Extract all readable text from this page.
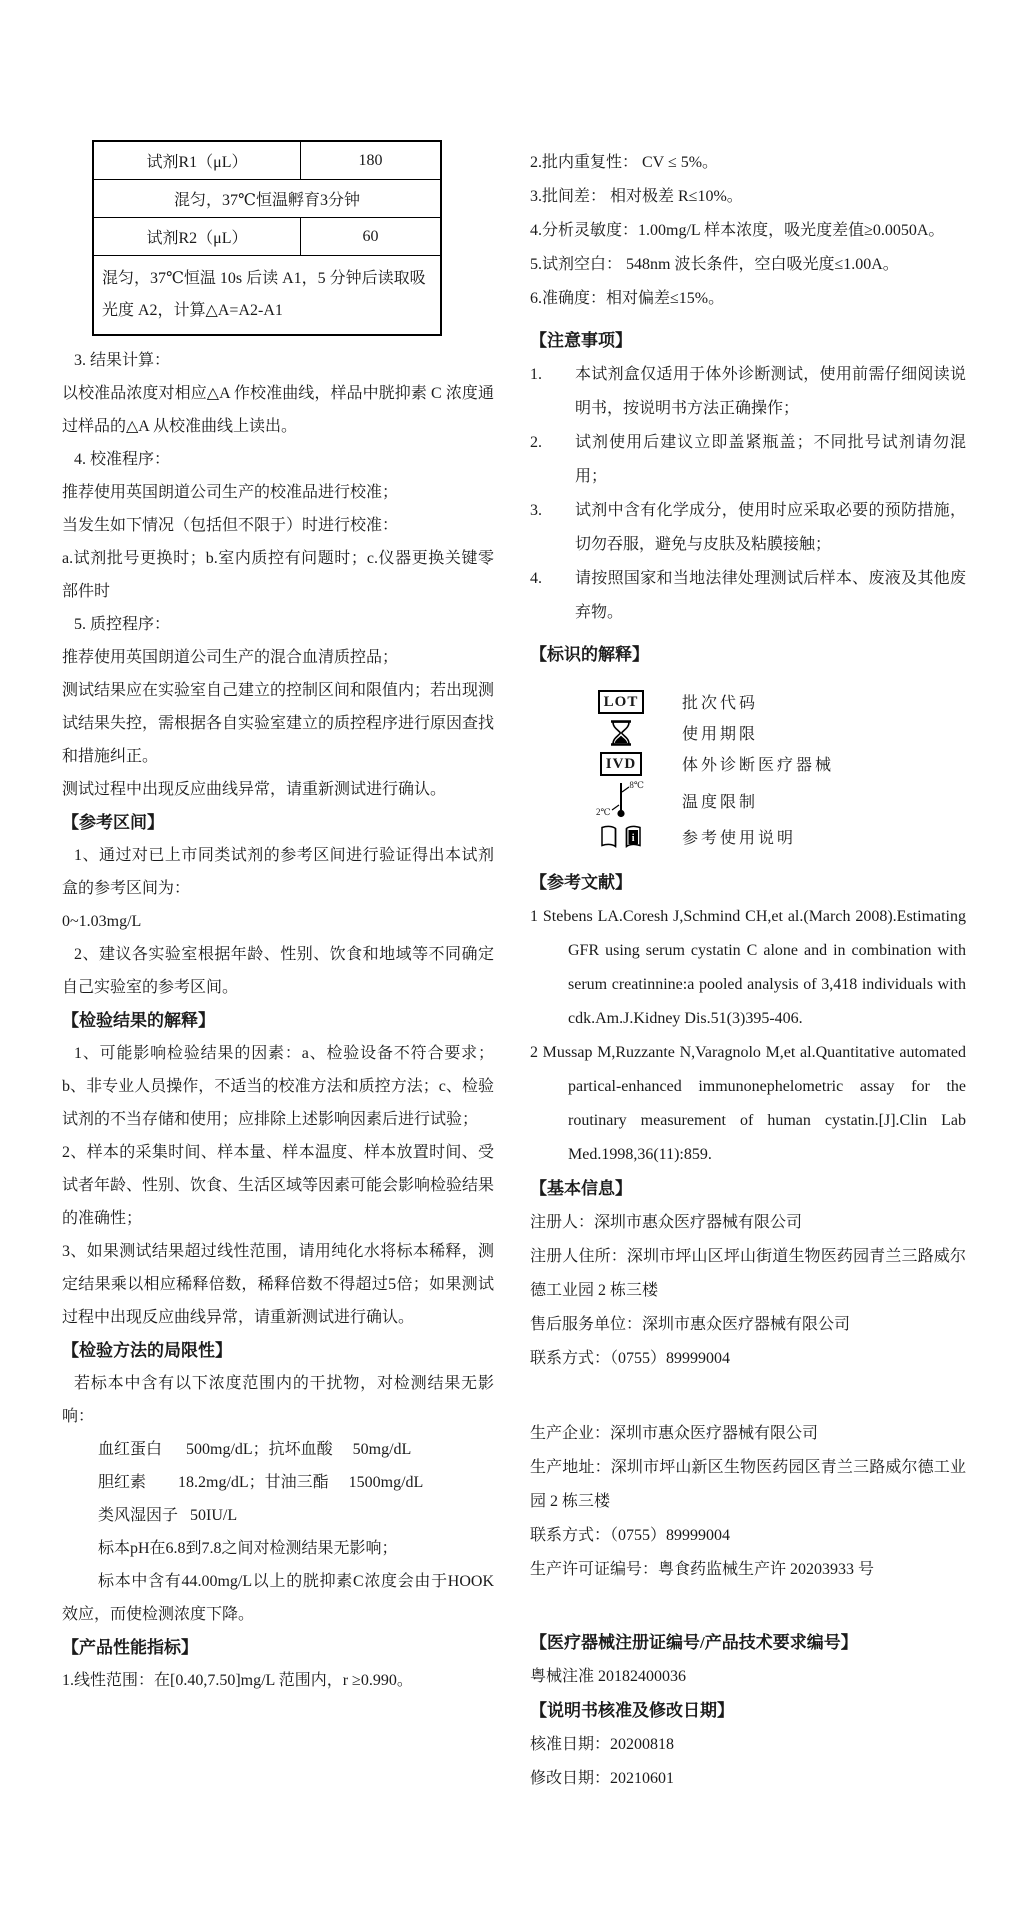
试剂R1（μL）	180
混匀，37℃恒温孵育3分钟	
试剂R2（μL）	60
混匀，37℃恒温 10s 后读 A1，5 分钟后读取吸光度 A2，计算△A=A2-A1	

3. 结果计算：

以校准品浓度对相应△A 作校准曲线，样品中胱抑素 C 浓度通过样品的△A 从校准曲线上读出。

4. 校准程序：

推荐使用英国朗道公司生产的校准品进行校准；

当发生如下情况（包括但不限于）时进行校准：

a.试剂批号更换时；b.室内质控有问题时；c.仪器更换关键零部件时

5. 质控程序：

推荐使用英国朗道公司生产的混合血清质控品；

测试结果应在实验室自己建立的控制区间和限值内；若出现测试结果失控，需根据各自实验室建立的质控程序进行原因查找和措施纠正。

测试过程中出现反应曲线异常，请重新测试进行确认。

【参考区间】

1、通过对已上市同类试剂的参考区间进行验证得出本试剂盒的参考区间为：

0~1.03mg/L

2、建议各实验室根据年龄、性别、饮食和地域等不同确定自己实验室的参考区间。

【检验结果的解释】

1、可能影响检验结果的因素：a、检验设备不符合要求；b、非专业人员操作，不适当的校准方法和质控方法；c、检验试剂的不当存储和使用；应排除上述影响因素后进行试验；

2、样本的采集时间、样本量、样本温度、样本放置时间、受试者年龄、性别、饮食、生活区域等因素可能会影响检验结果的准确性；

3、如果测试结果超过线性范围，请用纯化水将标本稀释，测定结果乘以相应稀释倍数，稀释倍数不得超过5倍；如果测试过程中出现反应曲线异常，请重新测试进行确认。

【检验方法的局限性】

若标本中含有以下浓度范围内的干扰物，对检测结果无影响：

血红蛋白      500mg/dL；抗坏血酸     50mg/dL

胆红素        18.2mg/dL；甘油三酯     1500mg/dL

类风湿因子   50IU/L

标本pH在6.8到7.8之间对检测结果无影响；

标本中含有44.00mg/L以上的胱抑素C浓度会由于HOOK效应，而使检测浓度下降。

【产品性能指标】

1.线性范围：在[0.40,7.50]mg/L 范围内，r ≥0.990。

2.批内重复性： CV ≤ 5%。

3.批间差： 相对极差 R≤10%。

4.分析灵敏度：1.00mg/L 样本浓度，吸光度差值≥0.0050A。

5.试剂空白： 548nm 波长条件，空白吸光度≤1.00A。

6.准确度：相对偏差≤15%。

【注意事项】

1.	本试剂盒仅适用于体外诊断测试，使用前需仔细阅读说明书，按说明书方法正确操作；
2.	试剂使用后建议立即盖紧瓶盖；不同批号试剂请勿混用；
3.	试剂中含有化学成分，使用时应采取必要的预防措施，切勿吞服，避免与皮肤及粘膜接触；
4.	请按照国家和当地法律处理测试后样本、废液及其他废弃物。

【标识的解释】

LOT	批次代码
使用期限
IVD	体外诊断医疗器械
2℃
8℃
温度限制
i	参考使用说明

【参考文献】

1 Stebens LA.Coresh J,Schmind CH,et al.(March 2008).Estimating GFR using serum cystatin C alone and in combination with serum creatinnine:a pooled analysis of 3,418 individuals with cdk.Am.J.Kidney Dis.51(3)395-406.

2 Mussap M,Ruzzante N,Varagnolo M,et al.Quantitative automated partical-enhanced immunonephelometric assay for the routinary measurement of human cystatin.[J].Clin Lab Med.1998,36(11):859.

【基本信息】

注册人：深圳市惠众医疗器械有限公司

注册人住所：深圳市坪山区坪山街道生物医药园青兰三路威尔德工业园 2 栋三楼

售后服务单位：深圳市惠众医疗器械有限公司

联系方式：（0755）89999004

生产企业：深圳市惠众医疗器械有限公司

生产地址：深圳市坪山新区生物医药园区青兰三路威尔德工业园 2 栋三楼

联系方式：（0755）89999004

生产许可证编号：粤食药监械生产许 20203933 号

【医疗器械注册证编号/产品技术要求编号】

粤械注准 20182400036

【说明书核准及修改日期】

核准日期：20200818

修改日期：20210601
